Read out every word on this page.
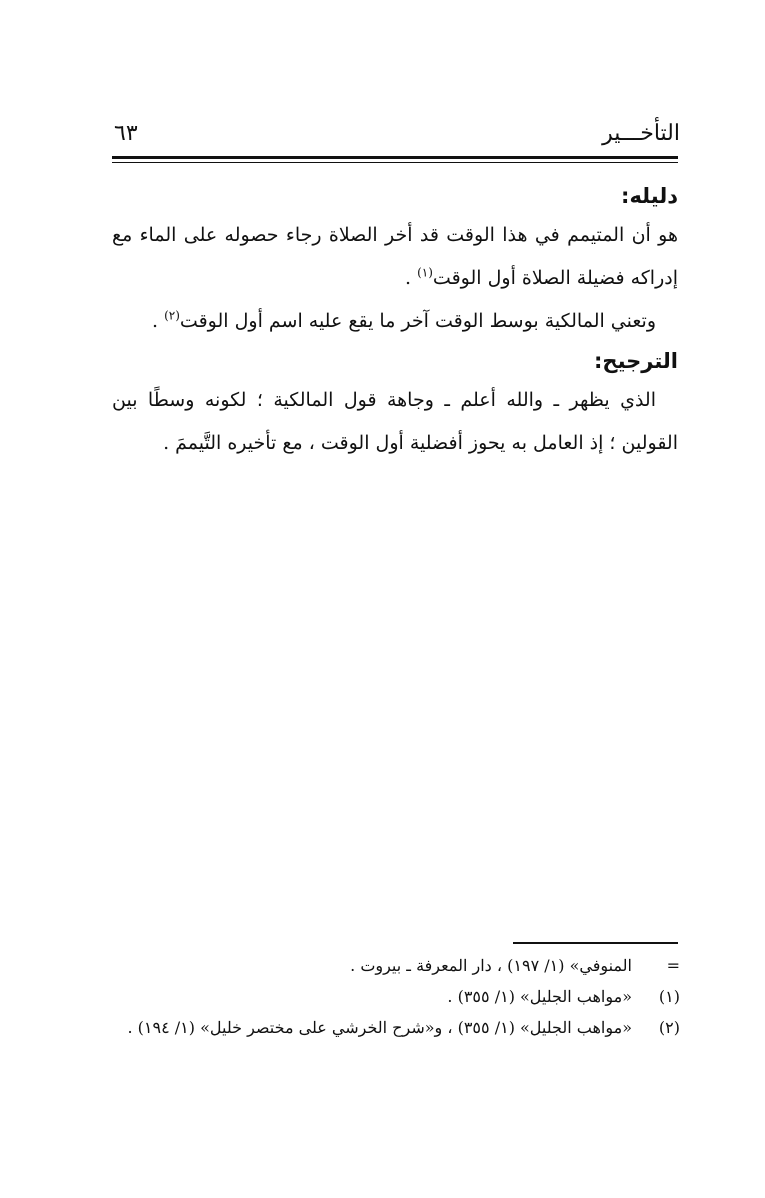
التأخـــير
٦٣

دليله:

هو أن المتيمم في هذا الوقت قد أخر الصلاة رجاء حصوله على الماء مع إدراكه فضيلة الصلاة أول الوقت$^{(١)}$ .

وتعني المالكية بوسط الوقت آخر ما يقع عليه اسم أول الوقت$^{(٢)}$ .

الترجيح:

الذي يظهر ـ والله أعلم ـ وجاهة قول المالكية ؛ لكونه وسطًا بين القولين ؛ إذ العامل به يحوز أفضلية أول الوقت ، مع تأخيره التَّيممَ .

=
المنوفي» (١/ ١٩٧) ، دار المعرفة ـ بيروت .
(١)
«مواهب الجليل» (١/ ٣٥٥) .
(٢)
«مواهب الجليل» (١/ ٣٥٥) ، و«شرح الخرشي على مختصر خليل» (١/ ١٩٤) .
